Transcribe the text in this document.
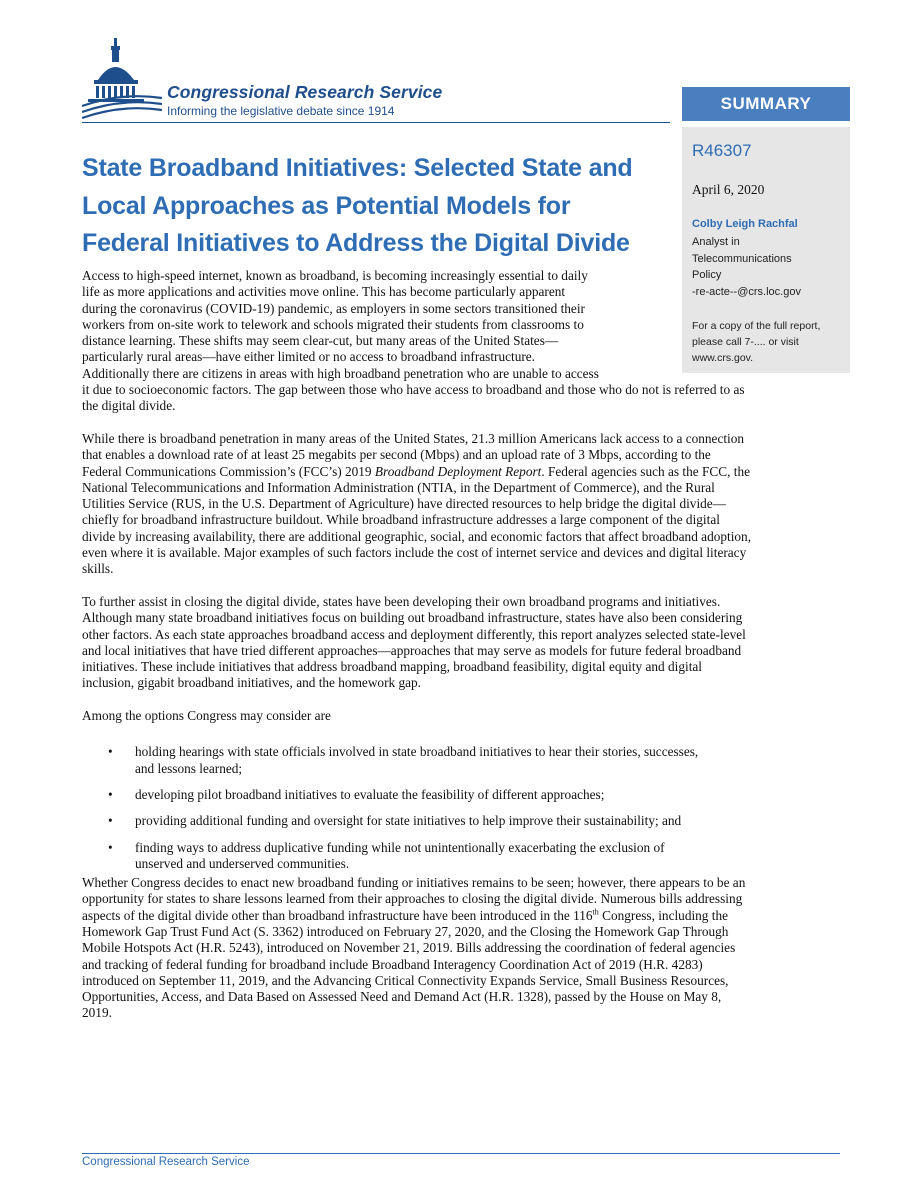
Congressional Research Service
Informing the legislative debate since 1914	SUMMARY
R46307
April 6, 2020
Colby Leigh Rachfal
Analyst in
Telecommunications
Policy
-re-acte--@crs.loc.gov
For a copy of the full report,
please call 7-.... or visit
www.crs.gov.
State Broadband Initiatives: Selected State and
Local Approaches as Potential Models for
Federal Initiatives to Address the Digital Divide
Access to high-speed internet, known as broadband, is becoming increasingly essential to daily
life as more applications and activities move online. This has become particularly apparent
during the coronavirus (COVID-19) pandemic, as employers in some sectors transitioned their
workers from on-site work to telework and schools migrated their students from classrooms to
distance learning. These shifts may seem clear-cut, but many areas of the United States—
particularly rural areas—have either limited or no access to broadband infrastructure.
Additionally there are citizens in areas with high broadband penetration who are unable to access
it due to socioeconomic factors. The gap between those who have access to broadband and those who do not is referred to as
the digital divide.
While there is broadband penetration in many areas of the United States, 21.3 million Americans lack access to a connection
that enables a download rate of at least 25 megabits per second (Mbps) and an upload rate of 3 Mbps, according to the
Federal Communications Commission’s (FCC’s) 2019 Broadband Deployment Report. Federal agencies such as the FCC, the
National Telecommunications and Information Administration (NTIA, in the Department of Commerce), and the Rural
Utilities Service (RUS, in the U.S. Department of Agriculture) have directed resources to help bridge the digital divide—
chiefly for broadband infrastructure buildout. While broadband infrastructure addresses a large component of the digital
divide by increasing availability, there are additional geographic, social, and economic factors that affect broadband adoption,
even where it is available. Major examples of such factors include the cost of internet service and devices and digital literacy
skills.
To further assist in closing the digital divide, states have been developing their own broadband programs and initiatives.
Although many state broadband initiatives focus on building out broadband infrastructure, states have also been considering
other factors. As each state approaches broadband access and deployment differently, this report analyzes selected state-level
and local initiatives that have tried different approaches—approaches that may serve as models for future federal broadband
initiatives. These include initiatives that address broadband mapping, broadband feasibility, digital equity and digital
inclusion, gigabit broadband initiatives, and the homework gap.
Among the options Congress may consider are
• holding hearings with state officials involved in state broadband initiatives to hear their stories, successes,
and lessons learned;
• developing pilot broadband initiatives to evaluate the feasibility of different approaches;
• providing additional funding and oversight for state initiatives to help improve their sustainability; and
• finding ways to address duplicative funding while not unintentionally exacerbating the exclusion of
unserved and underserved communities.
Whether Congress decides to enact new broadband funding or initiatives remains to be seen; however, there appears to be an
opportunity for states to share lessons learned from their approaches to closing the digital divide. Numerous bills addressing
aspects of the digital divide other than broadband infrastructure have been introduced in the 116th Congress, including the
Homework Gap Trust Fund Act (S. 3362) introduced on February 27, 2020, and the Closing the Homework Gap Through
Mobile Hotspots Act (H.R. 5243), introduced on November 21, 2019. Bills addressing the coordination of federal agencies
and tracking of federal funding for broadband include Broadband Interagency Coordination Act of 2019 (H.R. 4283)
introduced on September 11, 2019, and the Advancing Critical Connectivity Expands Service, Small Business Resources,
Opportunities, Access, and Data Based on Assessed Need and Demand Act (H.R. 1328), passed by the House on May 8,
2019.
Congressional Research Service
